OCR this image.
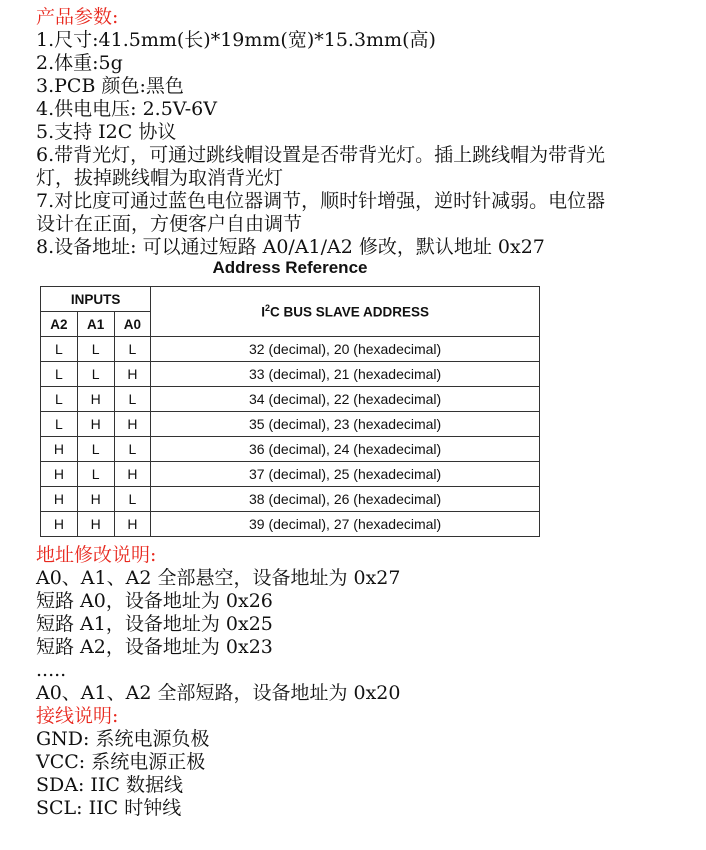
产品参数:
1.尺寸:41.5mm(长)*19mm(宽)*15.3mm(高)
2.体重:5g
3.PCB 颜色:黑色
4.供电电压: 2.5V-6V
5.支持 I2C 协议
6.带背光灯，可通过跳线帽设置是否带背光灯。插上跳线帽为带背光
灯，拔掉跳线帽为取消背光灯
7.对比度可通过蓝色电位器调节，顺时针增强，逆时针减弱。电位器
设计在正面，方便客户自由调节
8.设备地址: 可以通过短路 A0/A1/A2 修改，默认地址 0x27
Address Reference
INPUTS			$I^2C$ BUS SLAVE ADDRESS
A2	A1	A0	
L	L	L	32 (decimal), 20 (hexadecimal)
L	L	H	33 (decimal), 21 (hexadecimal)
L	H	L	34 (decimal), 22 (hexadecimal)
L	H	H	35 (decimal), 23 (hexadecimal)
H	L	L	36 (decimal), 24 (hexadecimal)
H	L	H	37 (decimal), 25 (hexadecimal)
H	H	L	38 (decimal), 26 (hexadecimal)
H	H	H	39 (decimal), 27 (hexadecimal)
地址修改说明:
A0、A1、A2 全部悬空，设备地址为 0x27
短路 A0，设备地址为 0x26
短路 A1，设备地址为 0x25
短路 A2，设备地址为 0x23
.....
A0、A1、A2 全部短路，设备地址为 0x20
接线说明:
GND: 系统电源负极
VCC: 系统电源正极
SDA: IIC 数据线
SCL: IIC 时钟线
